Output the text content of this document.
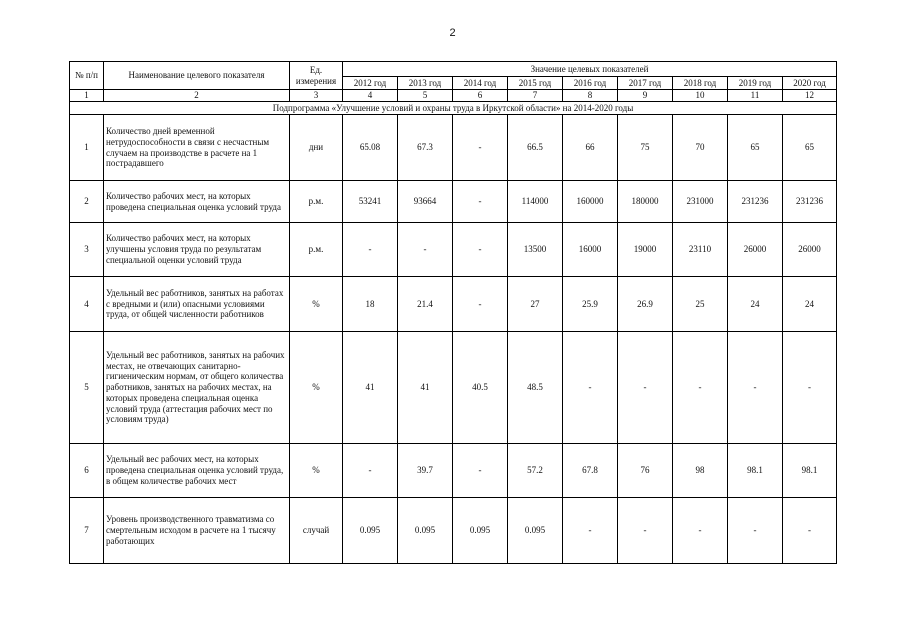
2
№ п/п	Наименование целевого показателя	Ед. измерения	Значение целевых показателей								
			2012 год	2013 год	2014 год	2015 год	2016 год	2017 год	2018 год	2019 год	2020 год
1	2	3	4	5	6	7	8	9	10	11	12
Подпрограмма «Улучшение условий и охраны труда в Иркутской области» на 2014-2020 годы											
1	Количество дней временной нетрудоспособности в связи с несчастным случаем на производстве в расчете на 1 пострадавшего	дни	65.08	67.3	-	66.5	66	75	70	65	65
2	Количество рабочих мест, на которых проведена специальная оценка условий труда	р.м.	53241	93664	-	114000	160000	180000	231000	231236	231236
3	Количество рабочих мест, на которых улучшены условия труда по результатам специальной оценки условий труда	р.м.	-	-	-	13500	16000	19000	23110	26000	26000
4	Удельный вес работников, занятых на работах с вредными и (или) опасными условиями труда, от общей численности работников	%	18	21.4	-	27	25.9	26.9	25	24	24
5	Удельный вес работников, занятых на рабочих местах, не отвечающих санитарно-гигиеническим нормам, от общего количества работников, занятых на рабочих местах, на которых проведена специальная оценка условий труда (аттестация рабочих мест по условиям труда)	%	41	41	40.5	48.5	-	-	-	-	-
6	Удельный вес рабочих мест, на которых проведена специальная оценка условий труда, в общем количестве рабочих мест	%	-	39.7	-	57.2	67.8	76	98	98.1	98.1
7	Уровень производственного травматизма со смертельным исходом в расчете на 1 тысячу работающих	случай	0.095	0.095	0.095	0.095	-	-	-	-	-
